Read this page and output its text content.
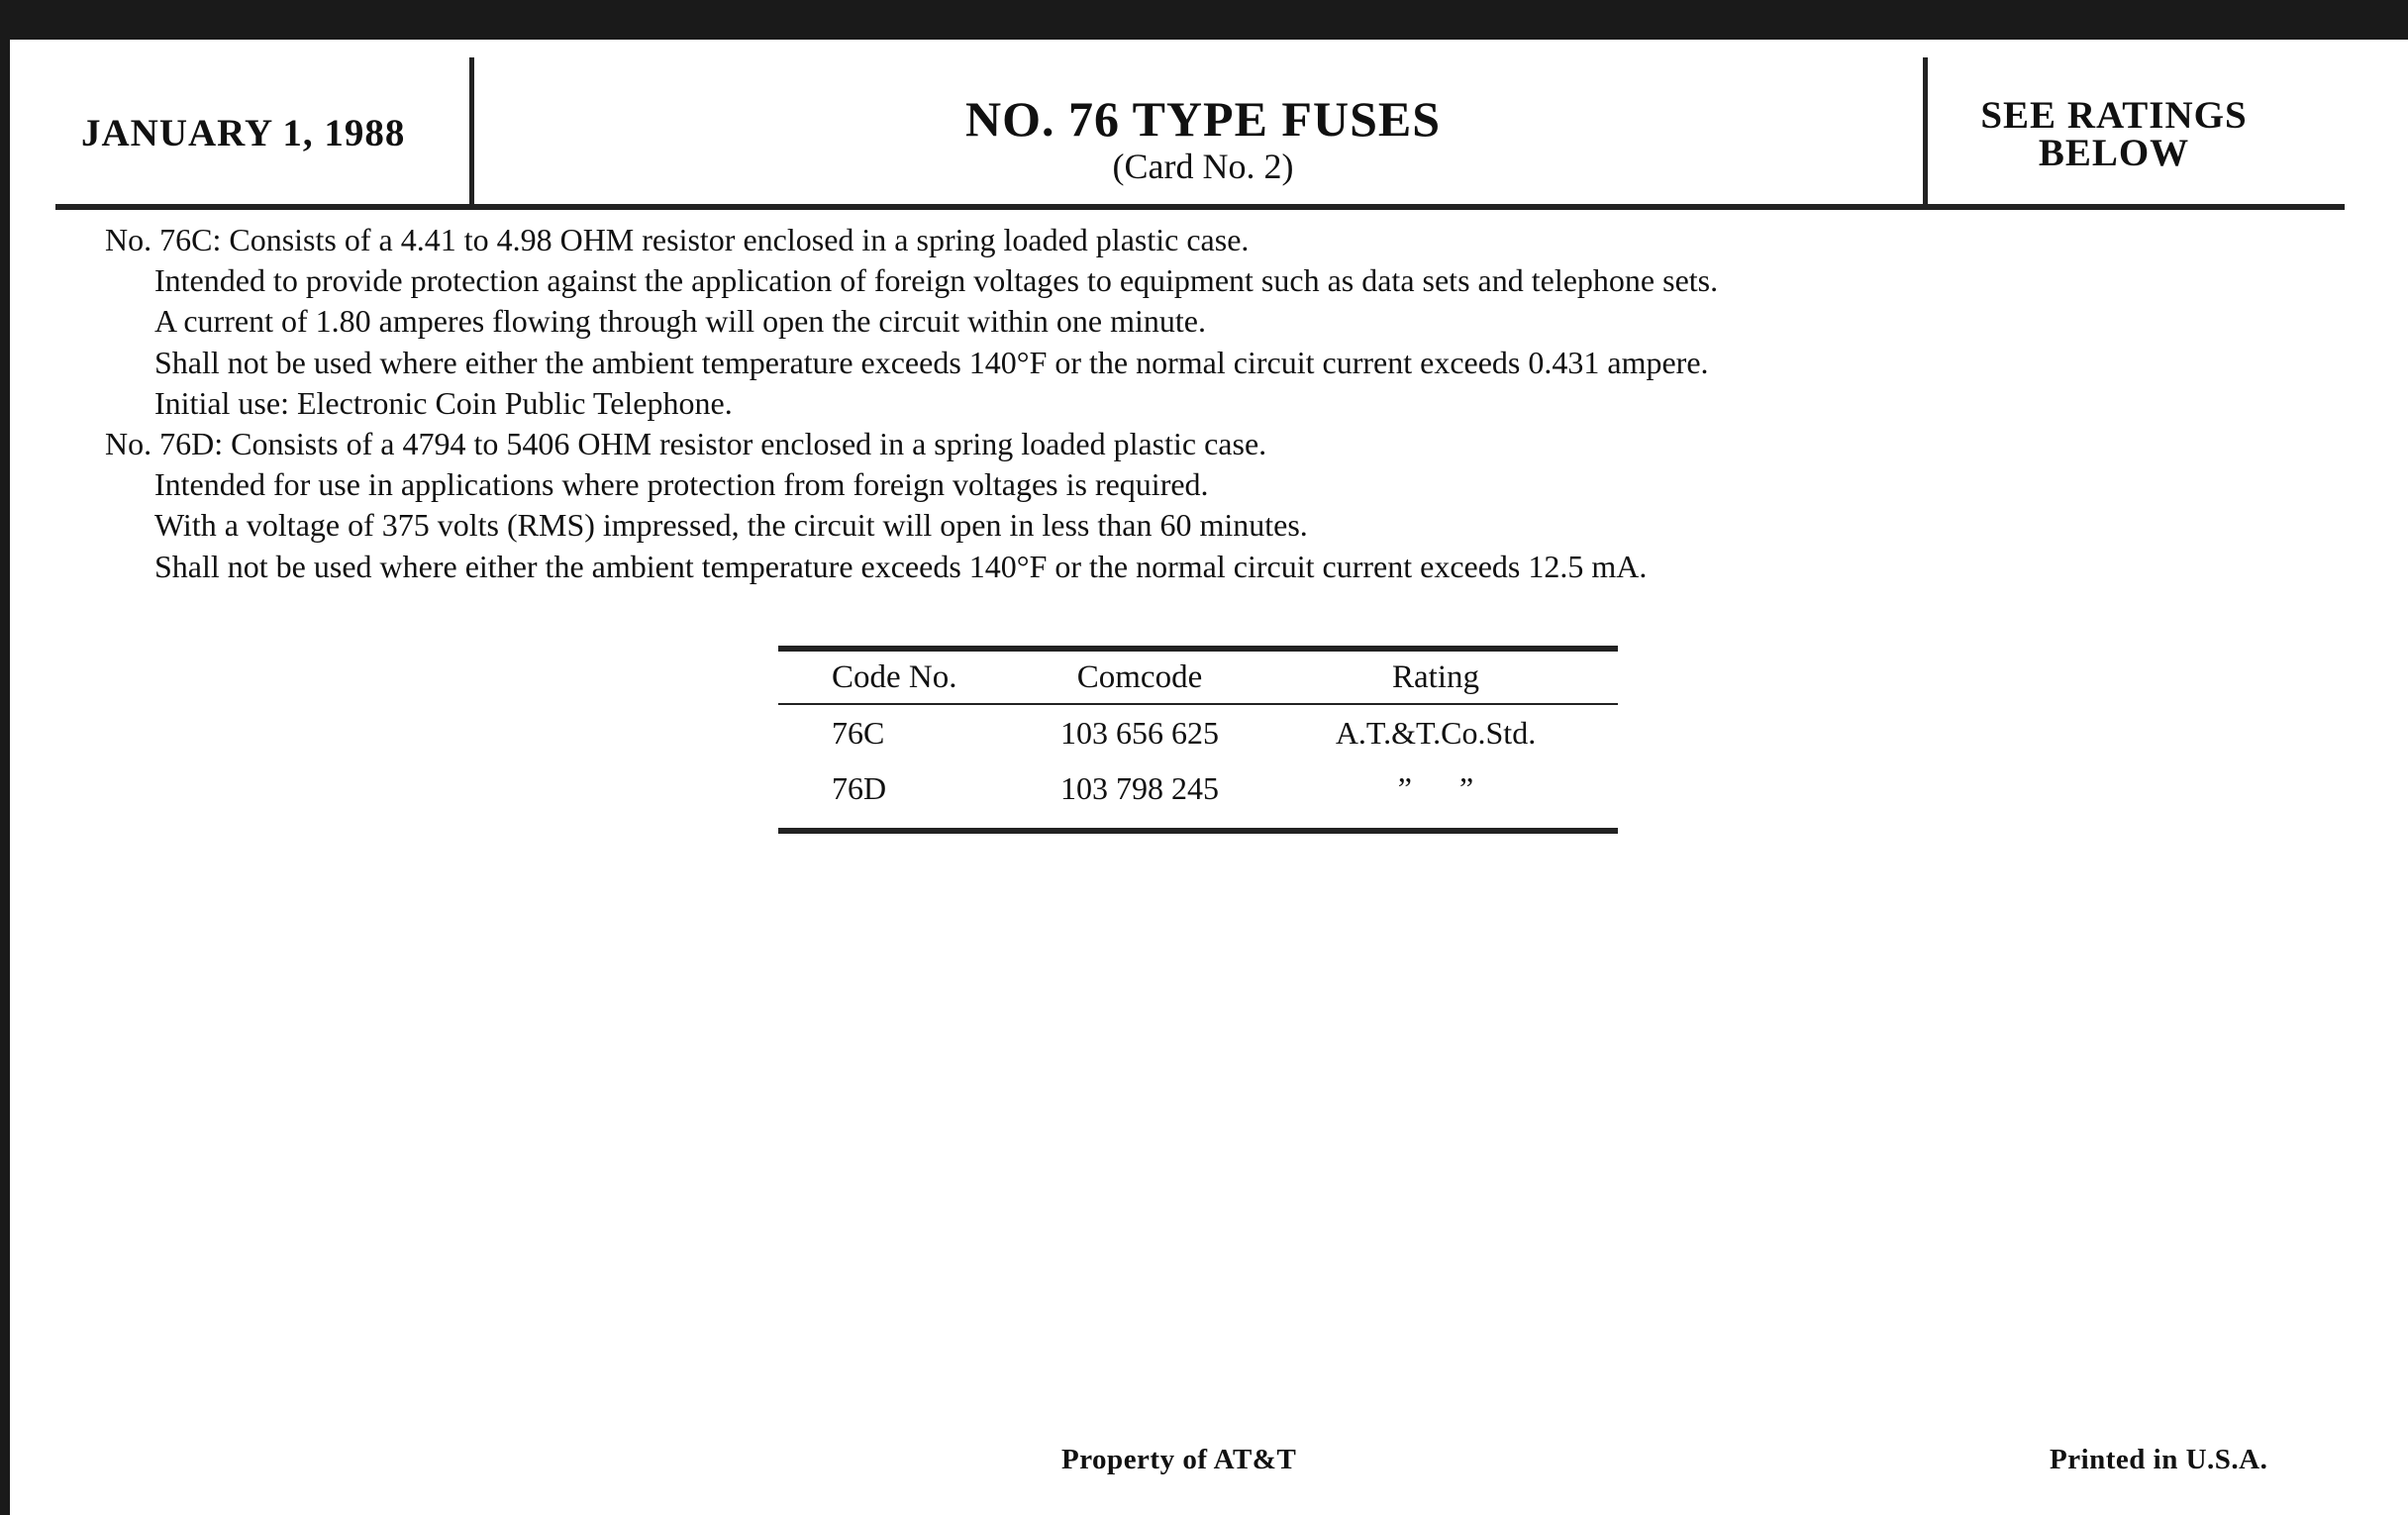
JANUARY 1, 1988	NO. 76 TYPE FUSES
(Card No. 2)
SEE RATINGS
BELOW
No. 76C: Consists of a 4.41 to 4.98 OHM resistor enclosed in a spring loaded plastic case.
Intended to provide protection against the application of foreign voltages to equipment such as data sets and telephone sets.
A current of 1.80 amperes flowing through will open the circuit within one minute.
Shall not be used where either the ambient temperature exceeds 140°F or the normal circuit current exceeds 0.431 ampere.
Initial use: Electronic Coin Public Telephone.
No. 76D: Consists of a 4794 to 5406 OHM resistor enclosed in a spring loaded plastic case.
Intended for use in applications where protection from foreign voltages is required.
With a voltage of 375 volts (RMS) impressed, the circuit will open in less than 60 minutes.
Shall not be used where either the ambient temperature exceeds 140°F or the normal circuit current exceeds 12.5 mA.
Code No.	Comcode	Rating
76C	103 656 625	A.T.&T.Co.Std.
76D	103 798 245	”      ”
Property of AT&T	Printed in U.S.A.
